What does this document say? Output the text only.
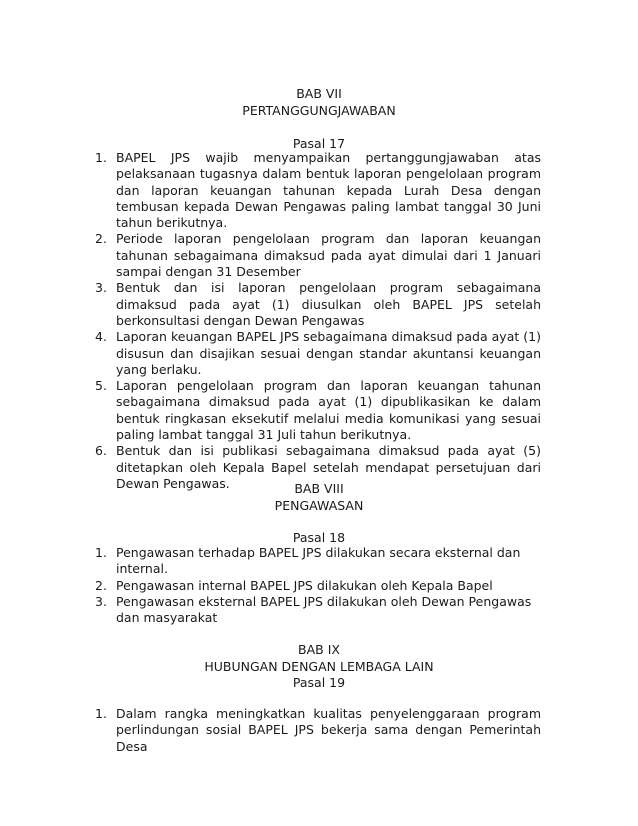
BAB VII
PERTANGGUNGJAWABAN
Pasal 17
1. BAPEL JPS wajib menyampaikan pertanggungjawaban atas pelaksanaan tugasnya dalam bentuk laporan pengelolaan program dan laporan keuangan tahunan kepada Lurah Desa dengan tembusan kepada Dewan Pengawas paling lambat tanggal 30 Juni tahun berikutnya.
2. Periode laporan pengelolaan program dan laporan keuangan tahunan sebagaimana dimaksud pada ayat dimulai dari 1 Januari sampai dengan 31 Desember
3. Bentuk dan isi laporan pengelolaan program sebagaimana dimaksud pada ayat (1) diusulkan oleh BAPEL JPS setelah berkonsultasi dengan Dewan Pengawas
4. Laporan keuangan BAPEL JPS sebagaimana dimaksud pada ayat (1) disusun dan disajikan sesuai dengan standar akuntansi keuangan yang berlaku.
5. Laporan pengelolaan program dan laporan keuangan tahunan sebagaimana dimaksud pada ayat (1) dipublikasikan ke dalam bentuk ringkasan eksekutif melalui media komunikasi yang sesuai paling lambat tanggal 31 Juli tahun berikutnya.
6. Bentuk dan isi publikasi sebagaimana dimaksud pada ayat (5) ditetapkan oleh Kepala Bapel setelah mendapat persetujuan dari Dewan Pengawas.	BAB VIII
PENGAWASAN
Pasal 18
1. Pengawasan terhadap BAPEL JPS dilakukan secara eksternal dan internal.
2. Pengawasan internal BAPEL JPS dilakukan oleh Kepala Bapel
3. Pengawasan eksternal BAPEL JPS dilakukan oleh Dewan Pengawas dan masyarakat
BAB IX
HUBUNGAN DENGAN LEMBAGA LAIN
Pasal 19
1. Dalam rangka meningkatkan kualitas penyelenggaraan program perlindungan sosial BAPEL JPS bekerja sama dengan Pemerintah Desa
